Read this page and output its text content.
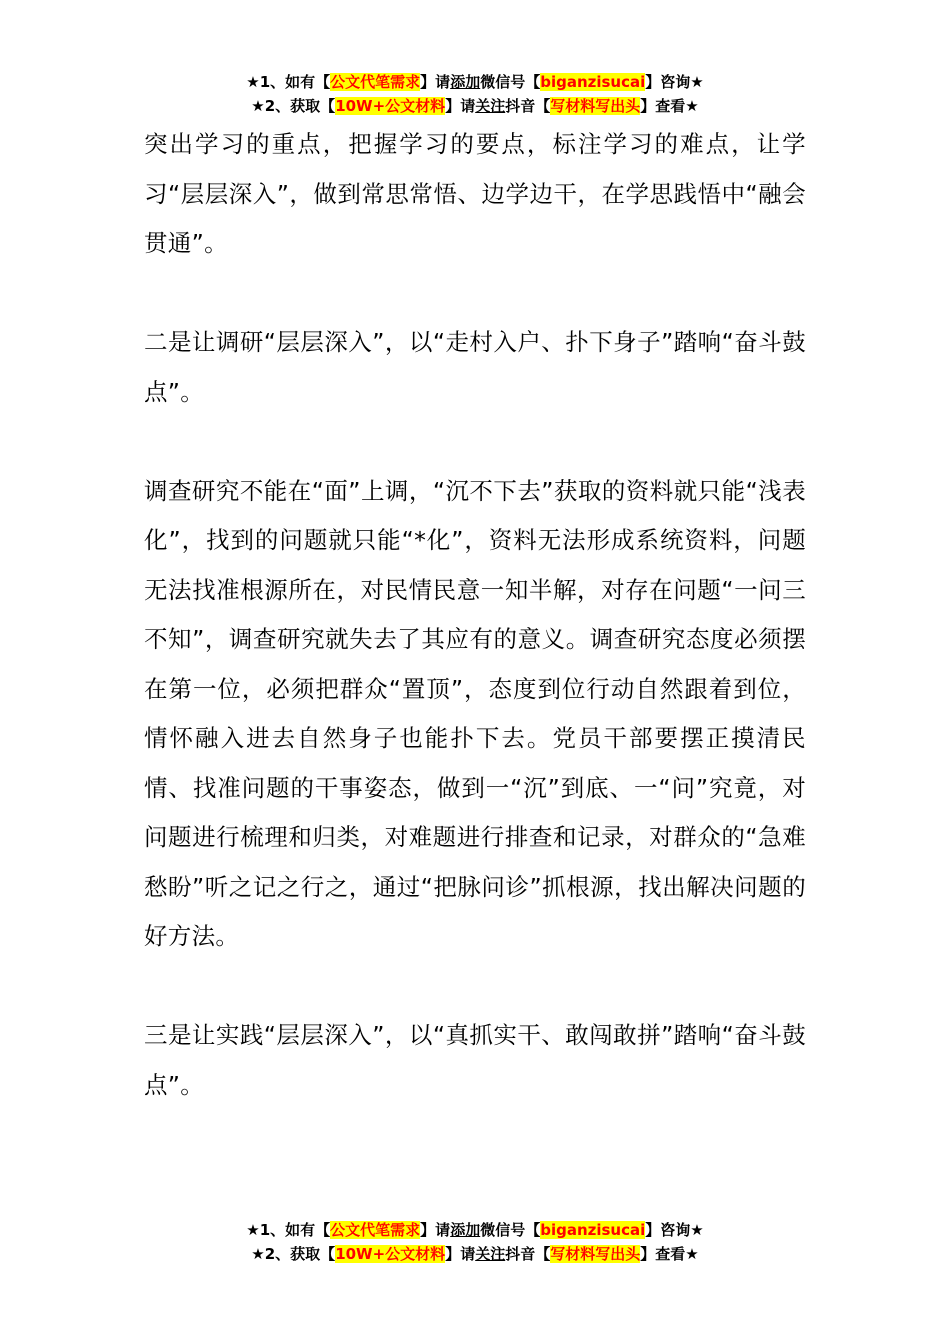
★1、如有【公文代笔需求】请添加微信号【biganzisucai】咨询★
★2、获取【10W+公文材料】请关注抖音【写材料写出头】查看★

突出学习的重点，把握学习的要点，标注学习的难点，让学习“层层深入”，做到常思常悟、边学边干，在学思践悟中“融会贯通”。

二是让调研“层层深入”，以“走村入户、扑下身子”踏响“奋斗鼓点”。

调查研究不能在“面”上调，“沉不下去”获取的资料就只能“浅表化”，找到的问题就只能“*化”，资料无法形成系统资料，问题无法找准根源所在，对民情民意一知半解，对存在问题“一问三不知”，调查研究就失去了其应有的意义。调查研究态度必须摆在第一位，必须把群众“置顶”，态度到位行动自然跟着到位，情怀融入进去自然身子也能扑下去。党员干部要摆正摸清民情、找准问题的干事姿态，做到一“沉”到底、一“问”究竟，对问题进行梳理和归类，对难题进行排查和记录，对群众的“急难愁盼”听之记之行之，通过“把脉问诊”抓根源，找出解决问题的好方法。

三是让实践“层层深入”，以“真抓实干、敢闯敢拼”踏响“奋斗鼓点”。

★1、如有【公文代笔需求】请添加微信号【biganzisucai】咨询★
★2、获取【10W+公文材料】请关注抖音【写材料写出头】查看★
